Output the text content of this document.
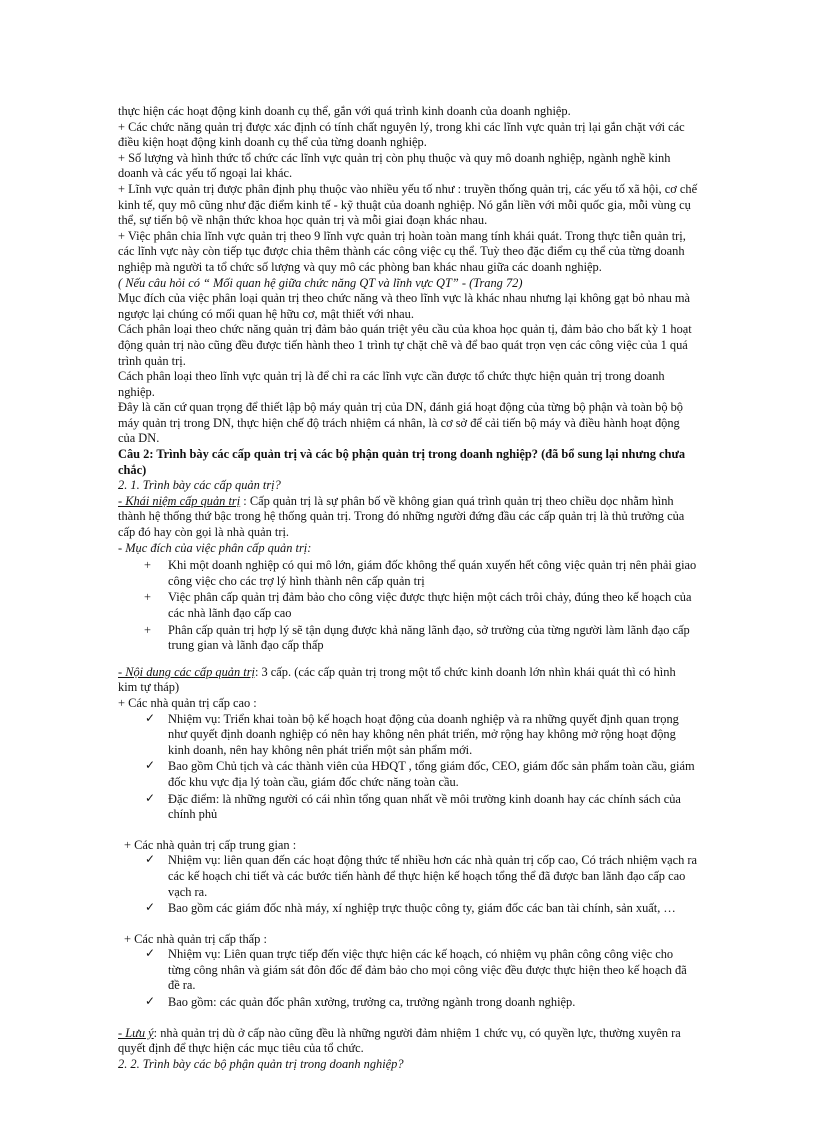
thực hiện các hoạt động kinh doanh cụ thể, gắn với quá trình kinh doanh của doanh nghiệp.

+ Các chức năng quản trị được xác định có tính chất nguyên lý, trong khi các lĩnh vực quản trị lại gắn chặt với các điều kiện hoạt động kinh doanh cụ thể của từng doanh nghiệp.

+ Số lượng và hình thức tổ chức các lĩnh vực quản trị còn phụ thuộc và quy mô doanh nghiệp, ngành nghề kinh doanh và các yếu tố ngoại lai khác.

+ Lĩnh vực quản trị được phân định phụ thuộc vào nhiều yếu tố như : truyền thống quản trị, các yếu tố xã hội, cơ chế kinh tế, quy mô cũng như đặc điểm kinh tế - kỹ thuật của doanh nghiệp. Nó gắn liền với mỗi quốc gia, mỗi vùng cụ thể, sự tiến bộ về nhận thức khoa học quản trị và mỗi giai đoạn khác nhau.

+ Việc phân chia lĩnh vực quản trị theo 9 lĩnh vực quản trị hoàn toàn mang tính khái quát. Trong thực tiễn quản trị, các lĩnh vực này còn tiếp tục được chia thêm thành các công việc cụ thể. Tuỳ theo đặc điểm cụ thể của từng doanh nghiệp mà người ta tổ chức số lượng và quy mô các phòng ban khác nhau giữa các doanh nghiệp.

( Nếu câu hỏi có “ Mối quan hệ giữa chức năng QT và lĩnh vực QT” - (Trang 72)

Mục đích của việc phân loại quản trị theo chức năng và theo lĩnh vực là khác nhau nhưng lại không gạt bỏ nhau mà ngược lại chúng có mối quan hệ hữu cơ, mật thiết với nhau.

Cách phân loại theo chức năng quản trị đảm bảo quán triệt yêu cầu của khoa học quản tị, đảm bảo cho bất kỳ 1 hoạt động quản trị nào cũng đều được tiến hành theo 1 trình tự chặt chẽ và để bao quát trọn vẹn các công việc của 1 quá trình quản trị.

Cách phân loại theo lĩnh vực quản trị là để chỉ ra các lĩnh vực cần được tổ chức thực hiện quản trị trong doanh nghiệp.

Đây là căn cứ quan trọng để thiết lập bộ máy quản trị của DN, đánh giá hoạt động của từng bộ phận và toàn bộ bộ máy quản trị trong DN, thực hiện chế độ trách nhiệm cá nhân, là cơ sở để cải tiến bộ máy và điều hành hoạt động của DN.

Câu 2: Trình bày các cấp quản trị và các bộ phận quản trị trong doanh nghiệp? (đã bổ sung lại nhưng chưa chắc)

2. 1. Trình bày các cấp quản trị?

- Khái niệm cấp quản trị : Cấp quản trị là sự phân bố về không gian quá trình quản trị theo chiều dọc nhằm hình thành hệ thống thứ bậc trong hệ thống quản trị. Trong đó những người đứng đầu các cấp quản trị là thủ trưởng của cấp đó hay còn gọi là nhà quản trị.

- Mục đích của việc phân cấp quản trị:

+ Khi một doanh nghiệp có qui mô lớn, giám đốc không thể quán xuyến hết công việc quản trị nên phải giao công việc cho các trợ lý hình thành nên cấp quản trị
+ Việc phân cấp quản trị đảm bảo cho công việc được thực hiện một cách trôi chảy, đúng theo kế hoạch của các nhà lãnh đạo cấp cao
+ Phân cấp quản trị hợp lý sẽ tận dụng được khả năng lãnh đạo, sở trường của từng người làm lãnh đạo cấp trung gian và lãnh đạo cấp thấp

- Nội dung các cấp quản trị: 3 cấp. (các cấp quản trị trong một tổ chức kinh doanh lớn nhìn khái quát thì có hình kim tự tháp)

+ Các nhà quản trị cấp cao :

✓ Nhiệm vụ: Triển khai toàn bộ kế hoạch hoạt động của doanh nghiệp và ra những quyết định quan trọng như quyết định doanh nghiệp có nên hay không nên phát triển, mở rộng hay không mở rộng hoạt động kinh doanh, nên hay không nên phát triển một sản phẩm mới.
✓ Bao gồm Chủ tịch và các thành viên của HĐQT , tổng giám đốc, CEO, giám đốc sản phẩm toàn cầu, giám đốc khu vực địa lý toàn cầu, giám đốc chức năng toàn cầu.
✓ Đặc điểm: là những người có cái nhìn tổng quan nhất về môi trường kinh doanh hay các chính sách của chính phủ

+ Các nhà quản trị cấp trung gian :

✓ Nhiệm vụ: liên quan đến các hoạt động thức tế nhiều hơn các nhà quản trị cốp cao, Có trách nhiệm vạch ra các kế hoạch chi tiết và các bước tiến hành để thực hiện kế hoạch tổng thể đã được ban lãnh đạo cấp cao vạch ra.
✓ Bao gồm các giám đốc nhà máy, xí nghiệp trực thuộc công ty, giám đốc các ban tài chính, sản xuất, …

+ Các nhà quản trị cấp thấp :

✓ Nhiệm vụ: Liên quan trực tiếp đến việc thực hiện các kế hoạch, có nhiệm vụ phân công công việc cho từng công nhân và giám sát đôn đốc để đảm bảo cho mọi công việc đều được thực hiện theo kế hoạch đã đề ra.
✓ Bao gồm: các quản đốc phân xưởng, trưởng ca, trưởng ngành trong doanh nghiệp.

- Lưu ý: nhà quản trị dù ở cấp nào cũng đều là những người đảm nhiệm 1 chức vụ, có quyền lực, thường xuyên ra quyết định để thực hiện các mục tiêu của tổ chức.

2. 2. Trình bày các bộ phận quản trị trong doanh nghiệp?
